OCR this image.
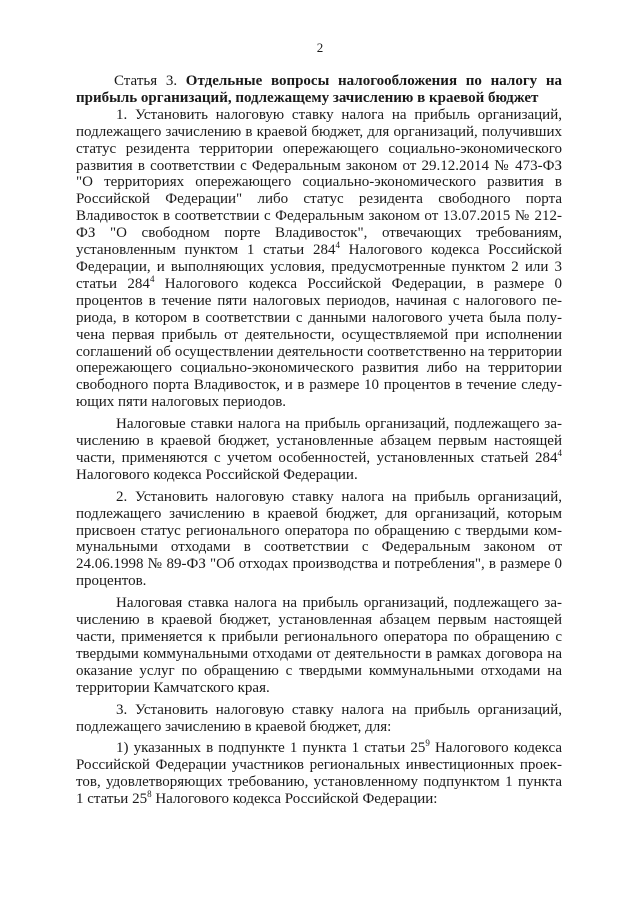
2

Статья 3. Отдельные вопросы налогообложения по налогу на прибыль организаций, подлежащему зачислению в краевой бюджет

1. Установить налоговую ставку налога на прибыль организаций, подлежащего зачислению в краевой бюджет, для организаций, получивших статус резидента территории опережающего социально-экономического развития в соответствии с Федеральным законом от 29.12.2014 № 473-ФЗ "О территориях опережающего социально-экономического развития в Российской Федерации" либо статус резидента свободного порта Владивосток в соответствии с Федеральным законом от 13.07.2015 № 212-ФЗ "О свободном порте Владивосток", отвечающих требованиям, установленным пунктом 1 статьи $284^4$ Налогового кодекса Российской Федерации, и выполняющих условия, предусмотренные пунктом 2 или 3 статьи $284^4$ Налогового кодекса Российской Федерации, в размере 0 процентов в течение пяти налоговых периодов, начиная с налогового периода, в котором в соответствии с данными налогового учета была получена первая прибыль от деятельности, осуществляемой при исполнении соглашений об осуществлении деятельности соответственно на территории опережающего социально-экономического развития либо на территории свободного порта Владивосток, и в размере 10 процентов в течение следующих пяти налоговых периодов.

Налоговые ставки налога на прибыль организаций, подлежащего зачислению в краевой бюджет, установленные абзацем первым настоящей части, применяются с учетом особенностей, установленных статьей $284^4$ Налогового кодекса Российской Федерации.

2. Установить налоговую ставку налога на прибыль организаций, подлежащего зачислению в краевой бюджет, для организаций, которым присвоен статус регионального оператора по обращению с твердыми коммунальными отходами в соответствии с Федеральным законом от 24.06.1998 № 89-ФЗ "Об отходах производства и потребления", в размере 0 процентов.

Налоговая ставка налога на прибыль организаций, подлежащего зачислению в краевой бюджет, установленная абзацем первым настоящей части, применяется к прибыли регионального оператора по обращению с твердыми коммунальными отходами от деятельности в рамках договора на оказание услуг по обращению с твердыми коммунальными отходами на территории Камчатского края.

3. Установить налоговую ставку налога на прибыль организаций, подлежащего зачислению в краевой бюджет, для:

1) указанных в подпункте 1 пункта 1 статьи $25^9$ Налогового кодекса Российской Федерации участников региональных инвестиционных проектов, удовлетворяющих требованию, установленному подпунктом 1 пункта 1 статьи $25^8$ Налогового кодекса Российской Федерации:
